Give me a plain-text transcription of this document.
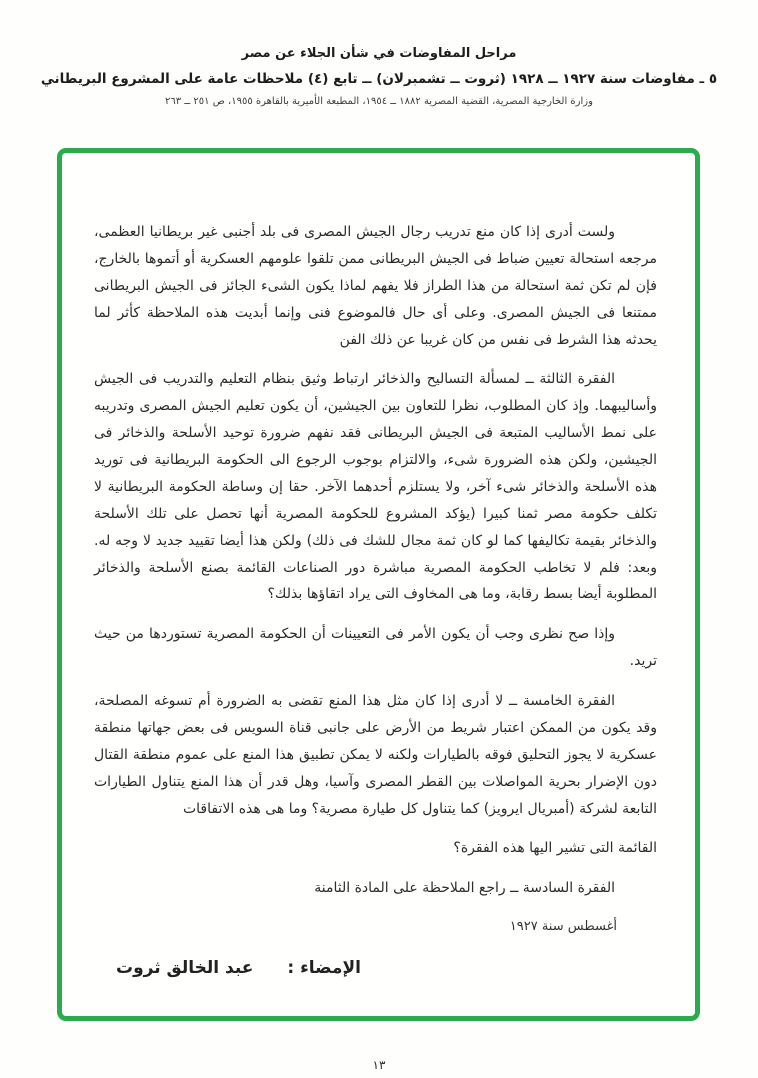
مراحل المفاوضات في شأن الجلاء عن مصر
٥ ـ مفاوضات سنة ١٩٢٧ ــ ١٩٢٨ (ثروت ــ تشمبرلان) ــ تابع (٤) ملاحظات عامة على المشروع البريطاني
وزارة الخارجية المصرية، القضية المصرية ١٨٨٢ ــ ١٩٥٤، المطبعة الأميرية بالقاهرة ١٩٥٥، ص ٢٥١ ــ ٢٦٣

ولست أدرى إذا كان منع تدريب رجال الجيش المصرى فى بلد أجنبى غير بريطانيا العظمى، مرجعه استحالة تعيين ضباط فى الجيش البريطانى ممن تلقوا علومهم العسكرية أو أتموها بالخارج، فإن لم تكن ثمة استحالة من هذا الطراز فلا يفهم لماذا يكون الشىء الجائز فى الجيش البريطانى ممتنعا فى الجيش المصرى. وعلى أى حال فالموضوع فنى وإنما أبديت هذه الملاحظة كأثر لما يحدثه هذا الشرط فى نفس من كان غريبا عن ذلك الفن

الفقرة الثالثة ــ لمسألة التساليح والذخائر ارتباط وثيق بنظام التعليم والتدريب فى الجيش وأساليبهما. وإذ كان المطلوب، نظرا للتعاون بين الجيشين، أن يكون تعليم الجيش المصرى وتدريبه على نمط الأساليب المتبعة فى الجيش البريطانى فقد نفهم ضرورة توحيد الأسلحة والذخائر فى الجيشين، ولكن هذه الضرورة شىء، والالتزام بوجوب الرجوع الى الحكومة البريطانية فى توريد هذه الأسلحة والذخائر شىء آخر، ولا يستلزم أحدهما الآخر. حقا إن وساطة الحكومة البريطانية لا تكلف حكومة مصر ثمنا كبيرا (يؤكد المشروع للحكومة المصرية أنها تحصل على تلك الأسلحة والذخائر بقيمة تكاليفها كما لو كان ثمة مجال للشك فى ذلك) ولكن هذا أيضا تقييد جديد لا وجه له. وبعد: فلم لا تخاطب الحكومة المصرية مباشرة دور الصناعات القائمة بصنع الأسلحة والذخائر المطلوبة أيضا بسط رقابة، وما هى المخاوف التى يراد اتقاؤها بذلك؟

وإذا صح نظرى وجب أن يكون الأمر فى التعيينات أن الحكومة المصرية تستوردها من حيث تريد.

الفقرة الخامسة ــ لا أدرى إذا كان مثل هذا المنع تقضى به الضرورة أم تسوغه المصلحة، وقد يكون من الممكن اعتبار شريط من الأرض على جانبى قناة السويس فى بعض جهاتها منطقة عسكرية لا يجوز التحليق فوقه بالطيارات ولكنه لا يمكن تطبيق هذا المنع على عموم منطقة القتال دون الإضرار بحرية المواصلات بين القطر المصرى وآسيا، وهل قدر أن هذا المنع يتناول الطيارات التابعة لشركة (أمبريال ايرويز) كما يتناول كل طيارة مصرية؟ وما هى هذه الاتفاقات

القائمة التى تشير اليها هذه الفقرة؟

الفقرة السادسة ــ راجع الملاحظة على المادة الثامنة

أغسطس سنة ١٩٢٧
الإمضاء :
عبد الخالق ثروت
١٣
